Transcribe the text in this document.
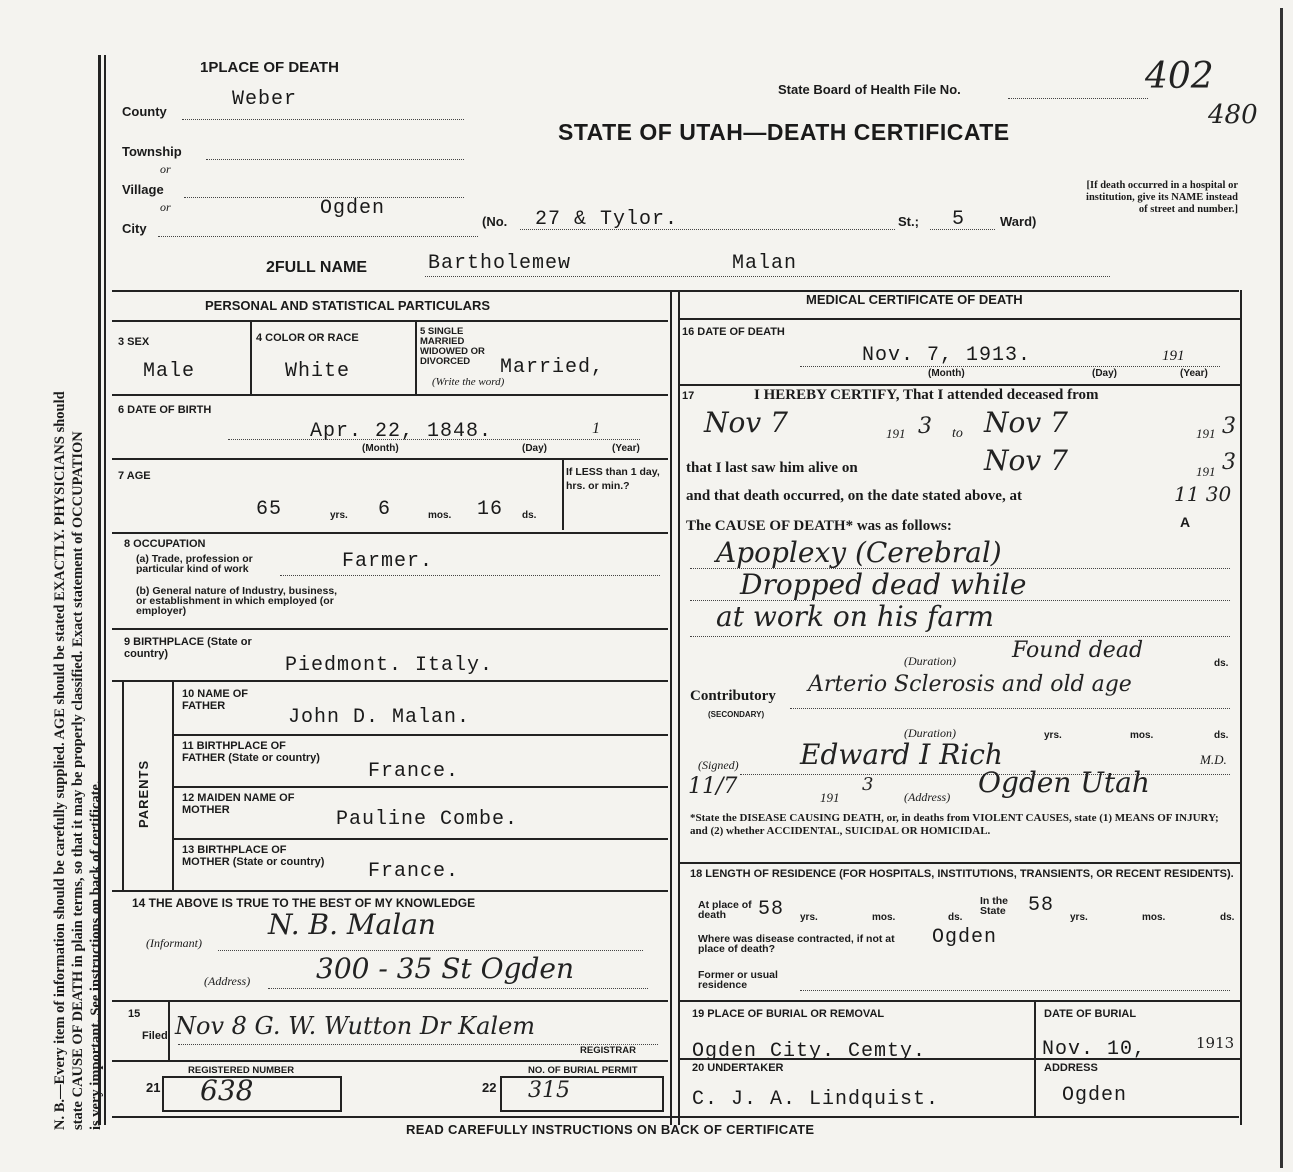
N. B.—Every item of information should be carefully supplied. AGE should be stated EXACTLY. PHYSICIANS should state CAUSE OF DEATH in plain terms, so that it may be properly classified. Exact statement of OCCUPATION is very important. See instructions on back of certificate.
1PLACE OF DEATH
State Board of Health File No.	402
480
STATE OF UTAH—DEATH CERTIFICATE
County
Weber
Township
or
Village
or
City
Ogden
(No. 27 & Tylor.	St.; 5	Ward)
[If death occurred in a hospital or institution, give its NAME instead of street and number.]
2FULL NAME	Bartholemew	Malan
PERSONAL AND STATISTICAL PARTICULARS
3 SEX
Male
4 COLOR OR RACE
White
5 SINGLE MARRIED WIDOWED OR DIVORCED
(Write the word)
Married,
6 DATE OF BIRTH
Apr. 22, 1848.	1
(Month)	(Day)	(Year)
7 AGE	If LESS than 1 day, hrs. or min.?
65	yrs. 6	mos. 16 ds.
8 OCCUPATION
(a) Trade, profession or particular kind of work	Farmer.
(b) General nature of Industry, business, or establishment in which employed (or employer)
9 BIRTHPLACE (State or country)	Piedmont. Italy.
PARENTS
10 NAME OF FATHER	John D. Malan.
11 BIRTHPLACE OF FATHER (State or country)
France.
12 MAIDEN NAME OF MOTHER	Pauline Combe.
13 BIRTHPLACE OF MOTHER (State or country)	France.
14 THE ABOVE IS TRUE TO THE BEST OF MY KNOWLEDGE
(Informant)
N. B. Malan
(Address) 300 - 35 St Ogden
15
Filed Nov 8 G. W. Wutton Dr Kalem
REGISTRAR
REGISTERED NUMBER
21 638
NO. OF BURIAL PERMIT
22 315
MEDICAL CERTIFICATE OF DEATH
16 DATE OF DEATH
Nov. 7, 1913.	191
(Month)	(Day)	(Year)
17	I HEREBY CERTIFY, That I attended deceased from
Nov 7	3
191	to Nov 7	191 3
that I last saw him alive on	Nov 7	191 3
and that death occurred, on the date stated above, at	11 30
The CAUSE OF DEATH* was as follows:	A
Apoplexy (Cerebral)
Dropped dead while
at work on his farm
(Duration)	Found dead
ds.
Contributory
(SECONDARY)
Arterio Sclerosis and old age
(Duration)	yrs.	mos.	ds.
(Signed) Edward I Rich	M.D.
11/7	191
3
(Address) Ogden Utah
*State the DISEASE CAUSING DEATH, or, in deaths from VIOLENT CAUSES, state (1) MEANS OF INJURY; and (2) whether ACCIDENTAL, SUICIDAL OR HOMICIDAL.
18 LENGTH OF RESIDENCE (FOR HOSPITALS, INSTITUTIONS, TRANSIENTS, OR RECENT RESIDENTS).
At place of death	58 yrs.	mos.	ds.
In the State	58
yrs.	mos.	ds.
Where was disease contracted, if not at place of death?	Ogden
Former or usual residence
19 PLACE OF BURIAL OR REMOVAL
Ogden City. Cemty.
DATE OF BURIAL
Nov. 10,	1913
20 UNDERTAKER
C. J. A. Lindquist.
ADDRESS
Ogden
READ CAREFULLY INSTRUCTIONS ON BACK OF CERTIFICATE
